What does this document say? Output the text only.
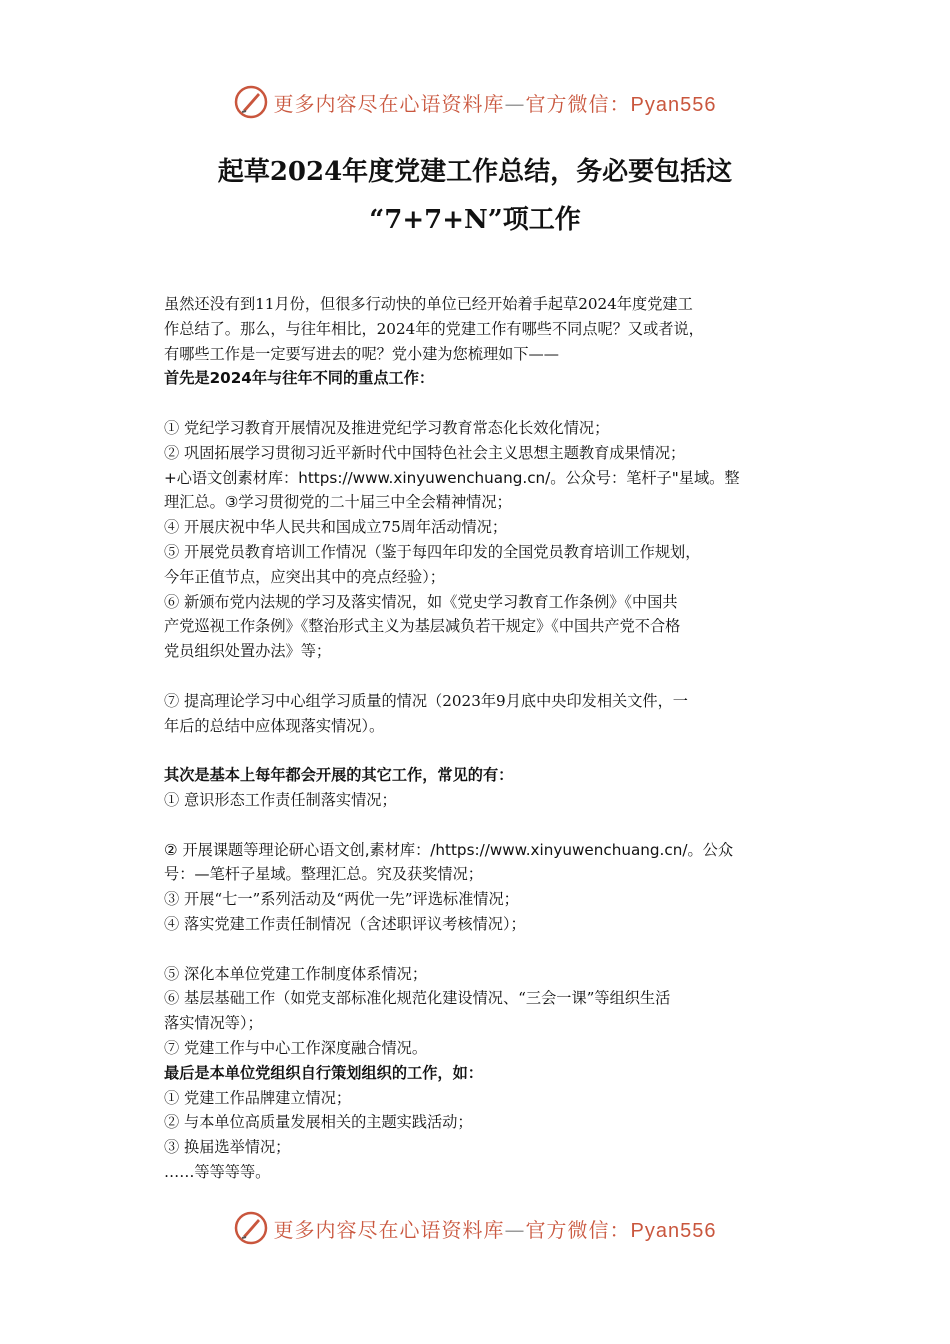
更多内容尽在心语资料库—官方微信：Pyan556
起草2024年度党建工作总结，务必要包括这
“7+7+N”项工作

虽然还没有到11月份，但很多行动快的单位已经开始着手起草2024年度党建工

作总结了。那么，与往年相比，2024年的党建工作有哪些不同点呢？又或者说，

有哪些工作是一定要写进去的呢？党小建为您梳理如下——

首先是2024年与往年不同的重点工作：

① 党纪学习教育开展情况及推进党纪学习教育常态化长效化情况；

② 巩固拓展学习贯彻习近平新时代中国特色社会主义思想主题教育成果情况；

+心语文创素材库：https://www.xinyuwenchuang.cn/。公众号：笔杆子"星域。整

理汇总。③学习贯彻党的二十届三中全会精神情况；

④ 开展庆祝中华人民共和国成立75周年活动情况；

⑤ 开展党员教育培训工作情况（鉴于每四年印发的全国党员教育培训工作规划，

今年正值节点，应突出其中的亮点经验）；

⑥ 新颁布党内法规的学习及落实情况，如《党史学习教育工作条例》《中国共

产党巡视工作条例》《整治形式主义为基层减负若干规定》《中国共产党不合格

党员组织处置办法》等；

⑦ 提高理论学习中心组学习质量的情况（2023年9月底中央印发相关文件，一

年后的总结中应体现落实情况）。

其次是基本上每年都会开展的其它工作，常见的有：

① 意识形态工作责任制落实情况；

② 开展课题等理论研心语文创,素材库：/https://www.xinyuwenchuang.cn/。公众

号：—笔杆子星域。整理汇总。究及获奖情况；

③ 开展“七一”系列活动及“两优一先”评选标准情况；

④ 落实党建工作责任制情况（含述职评议考核情况）；

⑤ 深化本单位党建工作制度体系情况；

⑥ 基层基础工作（如党支部标准化规范化建设情况、“三会一课”等组织生活

落实情况等）；

⑦ 党建工作与中心工作深度融合情况。

最后是本单位党组织自行策划组织的工作，如：

① 党建工作品牌建立情况；

② 与本单位高质量发展相关的主题实践活动；

③ 换届选举情况；

……等等等等。

更多内容尽在心语资料库—官方微信：Pyan556
